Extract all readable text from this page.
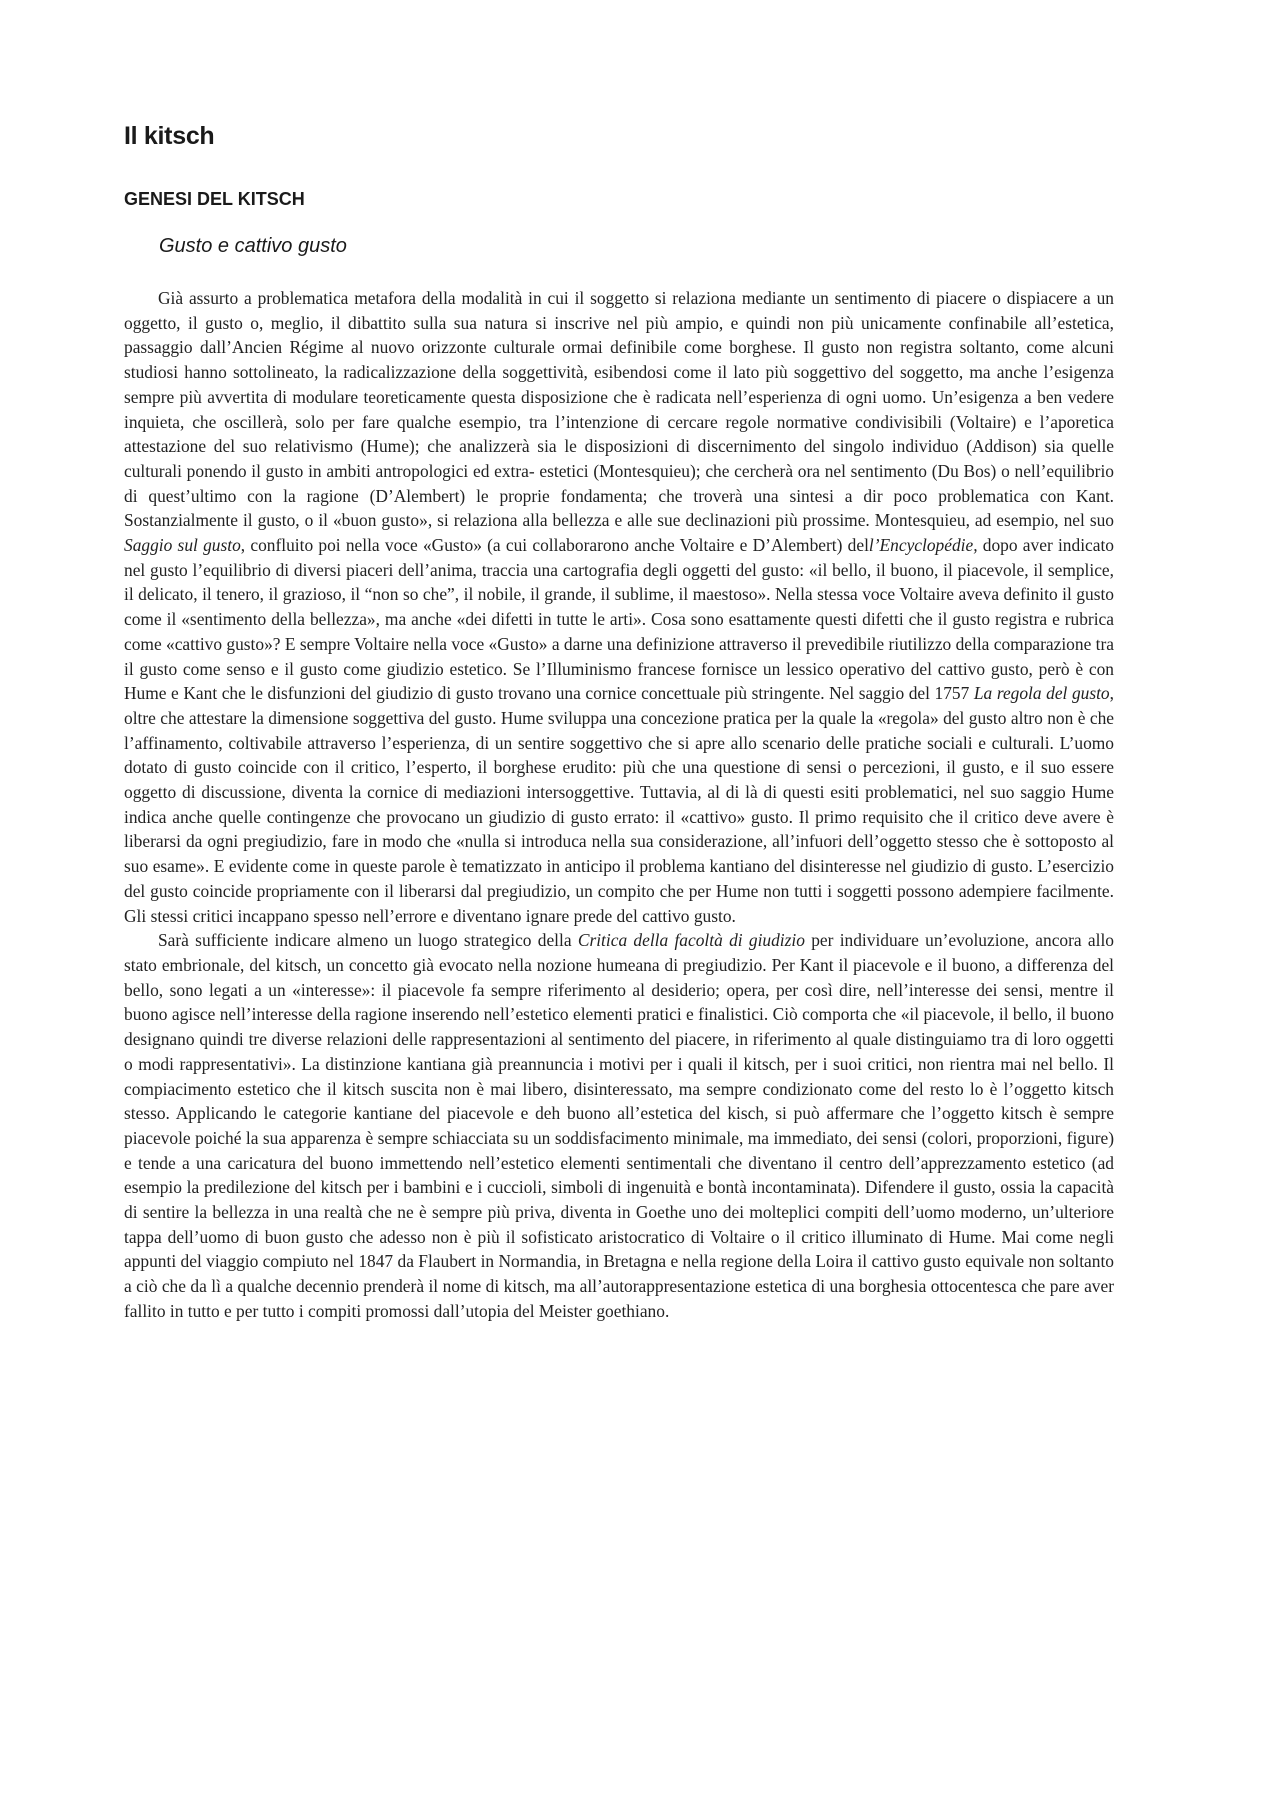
Il kitsch
GENESI DEL KITSCH
Gusto e cattivo gusto

Già assurto a problematica metafora della modalità in cui il soggetto si relaziona mediante un sentimento di piacere o dispiacere a un oggetto, il gusto o, meglio, il dibattito sulla sua natura si inscrive nel più ampio, e quindi non più unicamente confinabile all’estetica, passaggio dall’Ancien Régime al nuovo orizzonte culturale ormai definibile come borghese. Il gusto non registra soltanto, come alcuni studiosi hanno sottolineato, la radicalizzazione della soggettività, esibendosi come il lato più soggettivo del soggetto, ma anche l’esigenza sempre più avvertita di modulare teoreticamente questa disposizione che è radicata nell’esperienza di ogni uomo. Un’esigenza a ben vedere inquieta, che oscillerà, solo per fare qualche esempio, tra l’intenzione di cercare regole normative condivisibili (Voltaire) e l’aporetica attestazione del suo relativismo (Hume); che analizzerà sia le disposizioni di discernimento del singolo individuo (Addison) sia quelle culturali ponendo il gusto in ambiti antropologici ed extra- estetici (Montesquieu); che cercherà ora nel sentimento (Du Bos) o nell’equilibrio di quest’ultimo con la ragione (D’Alembert) le proprie fondamenta; che troverà una sintesi a dir poco problematica con Kant. Sostanzialmente il gusto, o il «buon gusto», si relaziona alla bellezza e alle sue declinazioni più prossime. Montesquieu, ad esempio, nel suo Saggio sul gusto, confluito poi nella voce «Gusto» (a cui collaborarono anche Voltaire e D’Alembert) dell’Encyclopédie, dopo aver indicato nel gusto l’equilibrio di diversi piaceri dell’anima, traccia una cartografia degli oggetti del gusto: «il bello, il buono, il piacevole, il semplice, il delicato, il tenero, il grazioso, il “non so che”, il nobile, il grande, il sublime, il maestoso». Nella stessa voce Voltaire aveva definito il gusto come il «sentimento della bellezza», ma anche «dei difetti in tutte le arti». Cosa sono esattamente questi difetti che il gusto registra e rubrica come «cattivo gusto»? E sempre Voltaire nella voce «Gusto» a darne una definizione attraverso il prevedibile riutilizzo della comparazione tra il gusto come senso e il gusto come giudizio estetico. Se l’Illuminismo francese fornisce un lessico operativo del cattivo gusto, però è con Hume e Kant che le disfunzioni del giudizio di gusto trovano una cornice concettuale più stringente. Nel saggio del 1757 La regola del gusto, oltre che attestare la dimensione soggettiva del gusto. Hume sviluppa una concezione pratica per la quale la «regola» del gusto altro non è che l’affinamento, coltivabile attraverso l’esperienza, di un sentire soggettivo che si apre allo scenario delle pratiche sociali e culturali. L’uomo dotato di gusto coincide con il critico, l’esperto, il borghese erudito: più che una questione di sensi o percezioni, il gusto, e il suo essere oggetto di discussione, diventa la cornice di mediazioni intersoggettive. Tuttavia, al di là di questi esiti problematici, nel suo saggio Hume indica anche quelle contingenze che provocano un giudizio di gusto errato: il «cattivo» gusto. Il primo requisito che il critico deve avere è liberarsi da ogni pregiudizio, fare in modo che «nulla si introduca nella sua considerazione, all’infuori dell’oggetto stesso che è sottoposto al suo esame». E evidente come in queste parole è tematizzato in anticipo il problema kantiano del disinteresse nel giudizio di gusto. L’esercizio del gusto coincide propriamente con il liberarsi dal pregiudizio, un compito che per Hume non tutti i soggetti possono adempiere facilmente. Gli stessi critici incappano spesso nell’errore e diventano ignare prede del cattivo gusto.

Sarà sufficiente indicare almeno un luogo strategico della Critica della facoltà di giudizio per individuare un’evoluzione, ancora allo stato embrionale, del kitsch, un concetto già evocato nella nozione humeana di pregiudizio. Per Kant il piacevole e il buono, a differenza del bello, sono legati a un «interesse»: il piacevole fa sempre riferimento al desiderio; opera, per così dire, nell’interesse dei sensi, mentre il buono agisce nell’interesse della ragione inserendo nell’estetico elementi pratici e finalistici. Ciò comporta che «il piacevole, il bello, il buono designano quindi tre diverse relazioni delle rappresentazioni al sentimento del piacere, in riferimento al quale distinguiamo tra di loro oggetti o modi rappresentativi». La distinzione kantiana già preannuncia i motivi per i quali il kitsch, per i suoi critici, non rientra mai nel bello. Il compiacimento estetico che il kitsch suscita non è mai libero, disinteressato, ma sempre condizionato come del resto lo è l’oggetto kitsch stesso. Applicando le categorie kantiane del piacevole e deh buono all’estetica del kisch, si può affermare che l’oggetto kitsch è sempre piacevole poiché la sua apparenza è sempre schiacciata su un soddisfacimento minimale, ma immediato, dei sensi (colori, proporzioni, figure) e tende a una caricatura del buono immettendo nell’estetico elementi sentimentali che diventano il centro dell’apprezzamento estetico (ad esempio la predilezione del kitsch per i bambini e i cuccioli, simboli di ingenuità e bontà incontaminata). Difendere il gusto, ossia la capacità di sentire la bellezza in una realtà che ne è sempre più priva, diventa in Goethe uno dei molteplici compiti dell’uomo moderno, un’ulteriore tappa dell’uomo di buon gusto che adesso non è più il sofisticato aristocratico di Voltaire o il critico illuminato di Hume. Mai come negli appunti del viaggio compiuto nel 1847 da Flaubert in Normandia, in Bretagna e nella regione della Loira il cattivo gusto equivale non soltanto a ciò che da lì a qualche decennio prenderà il nome di kitsch, ma all’autorappresentazione estetica di una borghesia ottocentesca che pare aver fallito in tutto e per tutto i compiti promossi dall’utopia del Meister goethiano.
